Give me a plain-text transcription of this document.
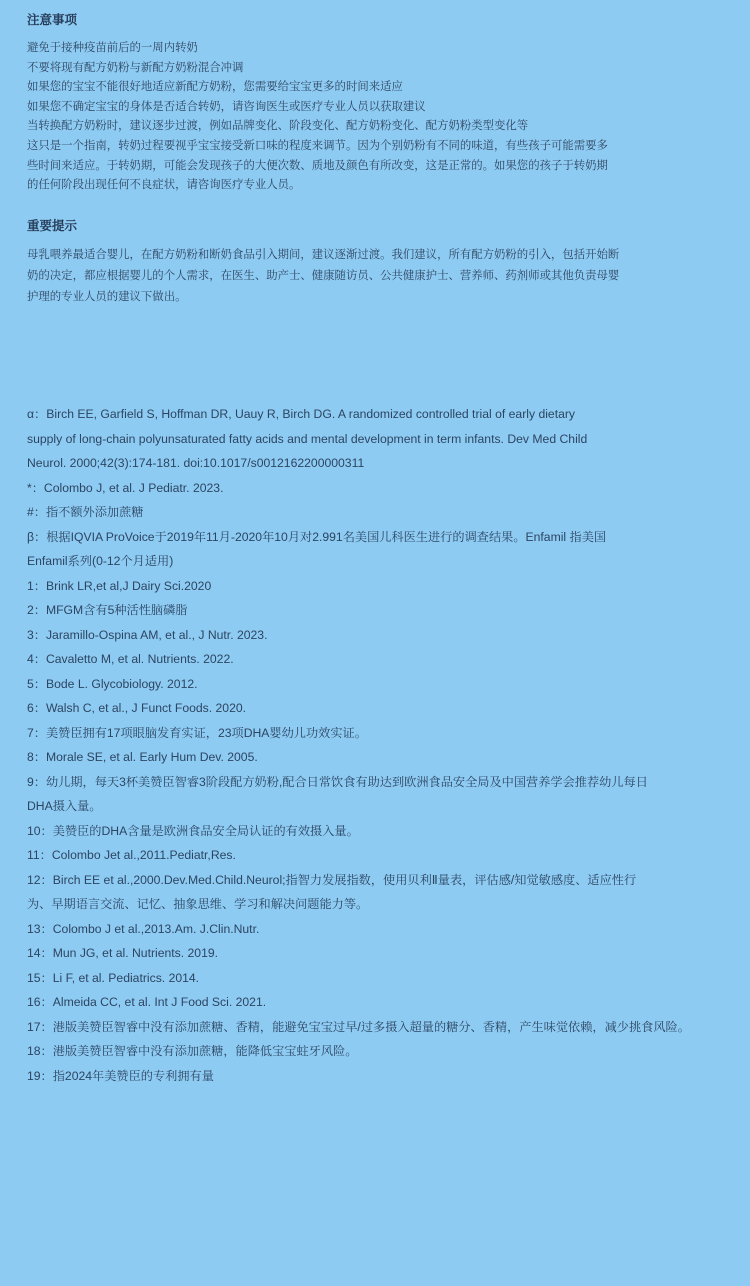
注意事项
避免于接种疫苗前后的一周内转奶
不要将现有配方奶粉与新配方奶粉混合冲调
如果您的宝宝不能很好地适应新配方奶粉，您需要给宝宝更多的时间来适应
如果您不确定宝宝的身体是否适合转奶，请咨询医生或医疗专业人员以获取建议
当转换配方奶粉时，建议逐步过渡，例如品牌变化、阶段变化、配方奶粉变化、配方奶粉类型变化等
这只是一个指南，转奶过程要视乎宝宝接受新口味的程度来调节。因为个别奶粉有不同的味道，有些孩子可能需要多
些时间来适应。于转奶期，可能会发现孩子的大便次数、质地及颜色有所改变，这是正常的。如果您的孩子于转奶期
的任何阶段出现任何不良症状，请咨询医疗专业人员。
重要提示
母乳喂养最适合婴儿，在配方奶粉和断奶食品引入期间，建议逐渐过渡。我们建议，所有配方奶粉的引入，包括开始断
奶的决定，都应根据婴儿的个人需求，在医生、助产士、健康随访员、公共健康护士、营养师、药剂师或其他负责母婴
护理的专业人员的建议下做出。
α：Birch EE, Garfield S, Hoffman DR, Uauy R, Birch DG. A randomized controlled trial of early dietary
supply of long-chain polyunsaturated fatty acids and mental development in term infants. Dev Med Child
Neurol. 2000;42(3):174-181. doi:10.1017/s0012162200000311
*：Colombo J, et al. J Pediatr. 2023.
#：指不额外添加蔗糖
β：根据IQVIA ProVoice于2019年11月-2020年10月对2.991名美国儿科医生进行的调查结果。Enfamil 指美国
Enfamil系列(0-12个月适用)
1：Brink LR,et al,J Dairy Sci.2020
2：MFGM含有5种活性脑磷脂
3：Jaramillo-Ospina AM, et al., J Nutr. 2023.
4：Cavaletto M, et al. Nutrients. 2022.
5：Bode L. Glycobiology. 2012.
6：Walsh C, et al., J Funct Foods. 2020.
7：美赞臣拥有17项眼脑发育实证，23项DHA婴幼儿功效实证。
8：Morale SE, et al. Early Hum Dev. 2005.
9：幼儿期，每天3杯美赞臣智睿3阶段配方奶粉,配合日常饮食有助达到欧洲食品安全局及中国营养学会推荐幼儿每日
DHA摄入量。
10：美赞臣的DHA含量是欧洲食品安全局认证的有效摄入量。
11：Colombo Jet al.,2011.Pediatr,Res.
12：Birch EE et al.,2000.Dev.Med.Child.Neurol;指智力发展指数，使用贝利Ⅱ量表，评估感/知觉敏感度、适应性行
为、早期语言交流、记忆、抽象思维、学习和解决问题能力等。
13：Colombo J et al.,2013.Am. J.Clin.Nutr.
14：Mun JG, et al. Nutrients. 2019.
15：Li F, et al. Pediatrics. 2014.
16：Almeida CC, et al. Int J Food Sci. 2021.
17：港版美赞臣智睿中没有添加蔗糖、香精，能避免宝宝过早/过多摄入超量的糖分、香精，产生味觉依赖，减少挑食风险。
18：港版美赞臣智睿中没有添加蔗糖，能降低宝宝蛀牙风险。
19：指2024年美赞臣的专利拥有量
